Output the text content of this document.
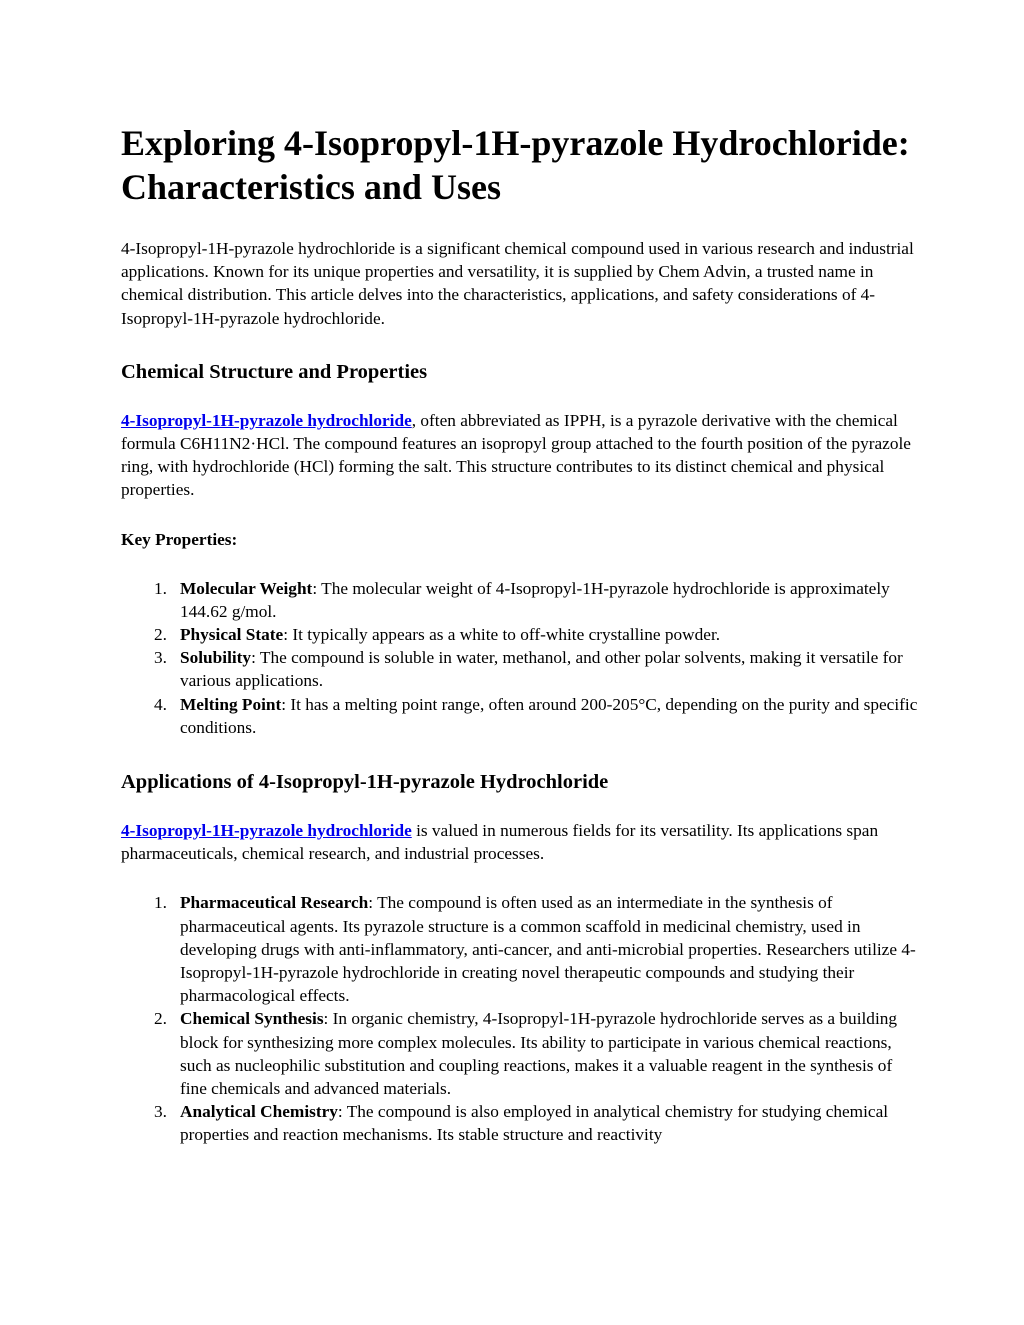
Exploring 4-Isopropyl-1H-pyrazole Hydrochloride: Characteristics and Uses

4-Isopropyl-1H-pyrazole hydrochloride is a significant chemical compound used in various research and industrial applications. Known for its unique properties and versatility, it is supplied by Chem Advin, a trusted name in chemical distribution. This article delves into the characteristics, applications, and safety considerations of 4-Isopropyl-1H-pyrazole hydrochloride.

Chemical Structure and Properties

4-Isopropyl-1H-pyrazole hydrochloride, often abbreviated as IPPH, is a pyrazole derivative with the chemical formula C6H11N2·HCl. The compound features an isopropyl group attached to the fourth position of the pyrazole ring, with hydrochloride (HCl) forming the salt. This structure contributes to its distinct chemical and physical properties.

Key Properties:
1. Molecular Weight: The molecular weight of 4-Isopropyl-1H-pyrazole hydrochloride is approximately 144.62 g/mol.
2. Physical State: It typically appears as a white to off-white crystalline powder.
3. Solubility: The compound is soluble in water, methanol, and other polar solvents, making it versatile for various applications.
4. Melting Point: It has a melting point range, often around 200-205°C, depending on the purity and specific conditions.
Applications of 4-Isopropyl-1H-pyrazole Hydrochloride

4-Isopropyl-1H-pyrazole hydrochloride is valued in numerous fields for its versatility. Its applications span pharmaceuticals, chemical research, and industrial processes.

1. Pharmaceutical Research: The compound is often used as an intermediate in the synthesis of pharmaceutical agents. Its pyrazole structure is a common scaffold in medicinal chemistry, used in developing drugs with anti-inflammatory, anti-cancer, and anti-microbial properties. Researchers utilize 4-Isopropyl-1H-pyrazole hydrochloride in creating novel therapeutic compounds and studying their pharmacological effects.
2. Chemical Synthesis: In organic chemistry, 4-Isopropyl-1H-pyrazole hydrochloride serves as a building block for synthesizing more complex molecules. Its ability to participate in various chemical reactions, such as nucleophilic substitution and coupling reactions, makes it a valuable reagent in the synthesis of fine chemicals and advanced materials.
3. Analytical Chemistry: The compound is also employed in analytical chemistry for studying chemical properties and reaction mechanisms. Its stable structure and reactivity
